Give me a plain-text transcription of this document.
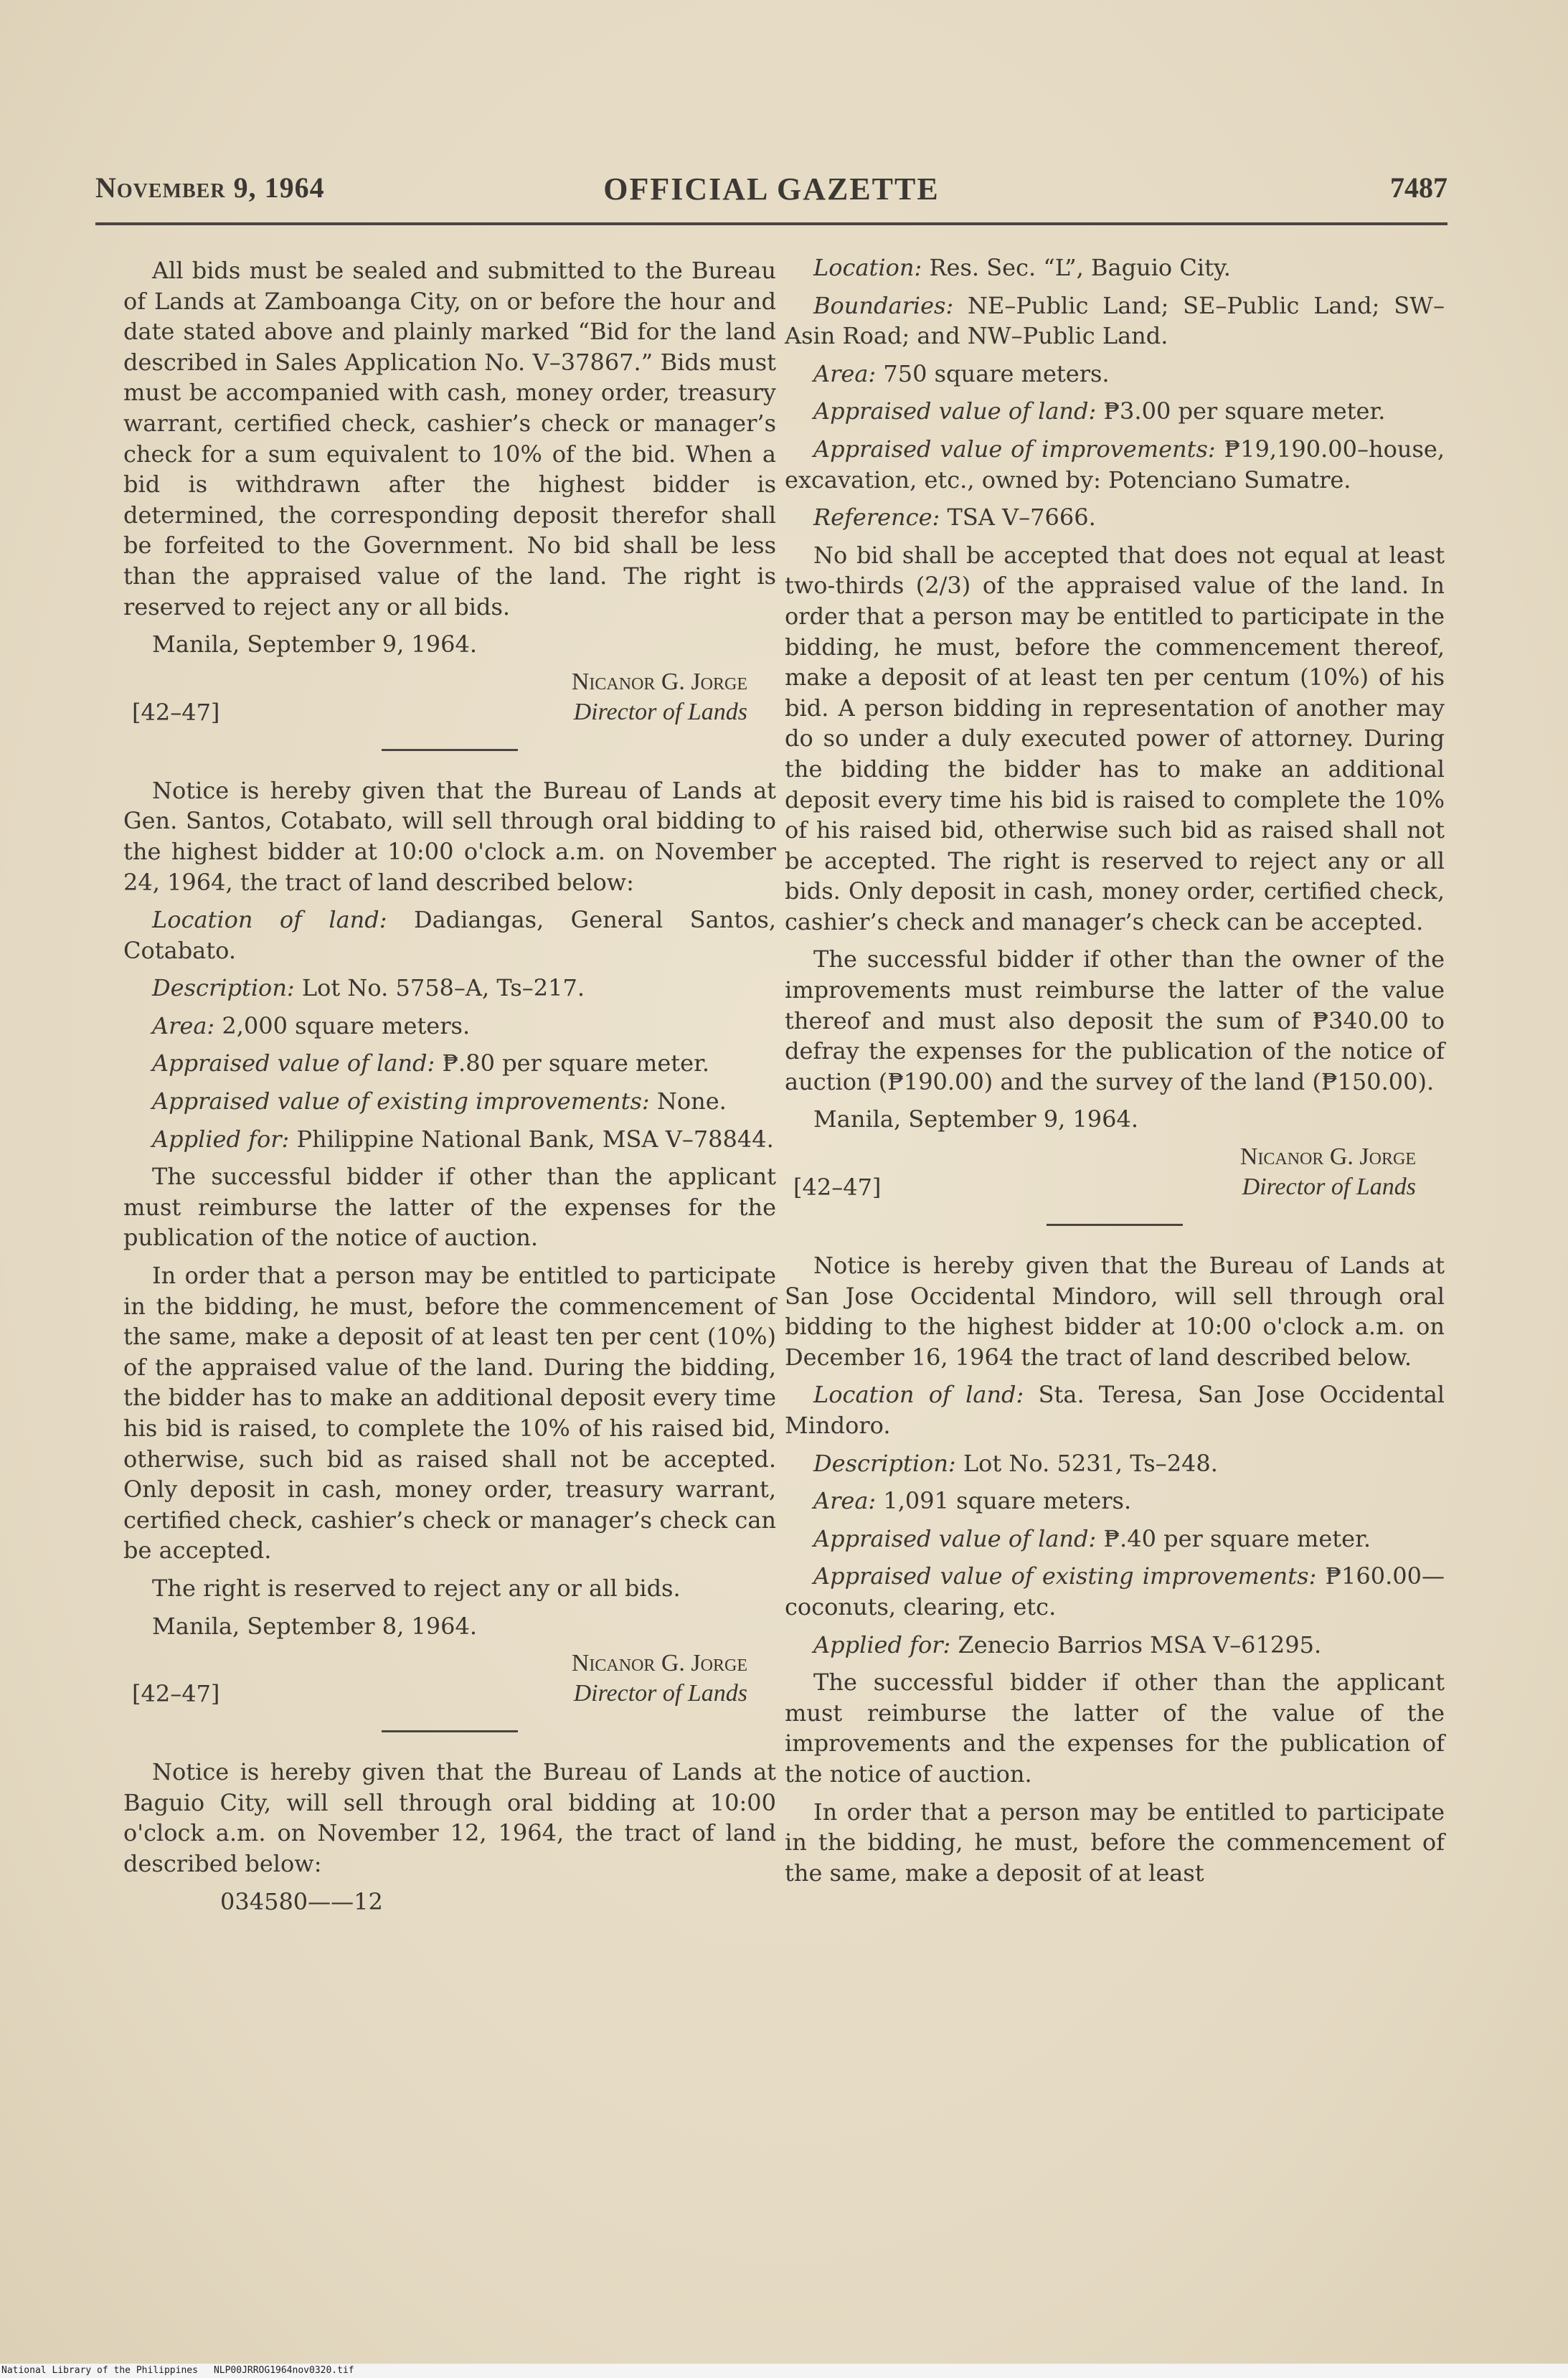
November 9, 1964	OFFICIAL GAZETTE	7487

All bids must be sealed and submitted to the Bureau of Lands at Zamboanga City, on or before the hour and date stated above and plainly marked “Bid for the land described in Sales Application No. V–37867.” Bids must must be accompanied with cash, money order, treasury warrant, certified check, cashier’s check or manager’s check for a sum equivalent to 10% of the bid. When a bid is withdrawn after the highest bidder is determined, the corresponding deposit therefor shall be forfeited to the Government. No bid shall be less than the appraised value of the land. The right is reserved to reject any or all bids.

Manila, September 9, 1964.

[42–47]
Nicanor G. Jorge
Director of Lands

Notice is hereby given that the Bureau of Lands at Gen. Santos, Cotabato, will sell through oral bidding to the highest bidder at 10:00 o'clock a.m. on November 24, 1964, the tract of land described below:

Location of land: Dadiangas, General Santos, Cotabato.

Description: Lot No. 5758–A, Ts–217.

Area: 2,000 square meters.

Appraised value of land: ₱.80 per square meter.

Appraised value of existing improvements: None.

Applied for: Philippine National Bank, MSA V–78844.

The successful bidder if other than the applicant must reimburse the latter of the expenses for the publication of the notice of auction.

In order that a person may be entitled to participate in the bidding, he must, before the commencement of the same, make a deposit of at least ten per cent (10%) of the appraised value of the land. During the bidding, the bidder has to make an additional deposit every time his bid is raised, to complete the 10% of his raised bid, otherwise, such bid as raised shall not be accepted. Only deposit in cash, money order, treasury warrant, certified check, cashier’s check or manager’s check can be accepted.

The right is reserved to reject any or all bids.

Manila, September 8, 1964.

[42–47]
Nicanor G. Jorge
Director of Lands

Notice is hereby given that the Bureau of Lands at Baguio City, will sell through oral bidding at 10:00 o'clock a.m. on November 12, 1964, the tract of land described below:

034580——12

Location: Res. Sec. “L”, Baguio City.

Boundaries: NE–Public Land; SE–Public Land; SW–Asin Road; and NW–Public Land.

Area: 750 square meters.

Appraised value of land: ₱3.00 per square meter.

Appraised value of improvements: ₱19,190.00–house, excavation, etc., owned by: Potenciano Sumatre.

Reference: TSA V–7666.

No bid shall be accepted that does not equal at least two-thirds (2/3) of the appraised value of the land. In order that a person may be entitled to participate in the bidding, he must, before the commencement thereof, make a deposit of at least ten per centum (10%) of his bid. A person bidding in representation of another may do so under a duly executed power of attorney. During the bidding the bidder has to make an additional deposit every time his bid is raised to complete the 10% of his raised bid, otherwise such bid as raised shall not be accepted. The right is reserved to reject any or all bids. Only deposit in cash, money order, certified check, cashier’s check and manager’s check can be accepted.

The successful bidder if other than the owner of the improvements must reimburse the latter of the value thereof and must also deposit the sum of ₱340.00 to defray the expenses for the publication of the notice of auction (₱190.00) and the survey of the land (₱150.00).

Manila, September 9, 1964.

[42–47]
Nicanor G. Jorge
Director of Lands

Notice is hereby given that the Bureau of Lands at San Jose Occidental Mindoro, will sell through oral bidding to the highest bidder at 10:00 o'clock a.m. on December 16, 1964 the tract of land described below.

Location of land: Sta. Teresa, San Jose Occidental Mindoro.

Description: Lot No. 5231, Ts–248.

Area: 1,091 square meters.

Appraised value of land: ₱.40 per square meter.

Appraised value of existing improvements: ₱160.00—coconuts, clearing, etc.

Applied for: Zenecio Barrios MSA V–61295.

The successful bidder if other than the applicant must reimburse the latter of the value of the improvements and the expenses for the publication of the notice of auction.

In order that a person may be entitled to participate in the bidding, he must, before the commencement of the same, make a deposit of at least

National Library of the Philippines NLP00JRROG1964nov0320.tif
